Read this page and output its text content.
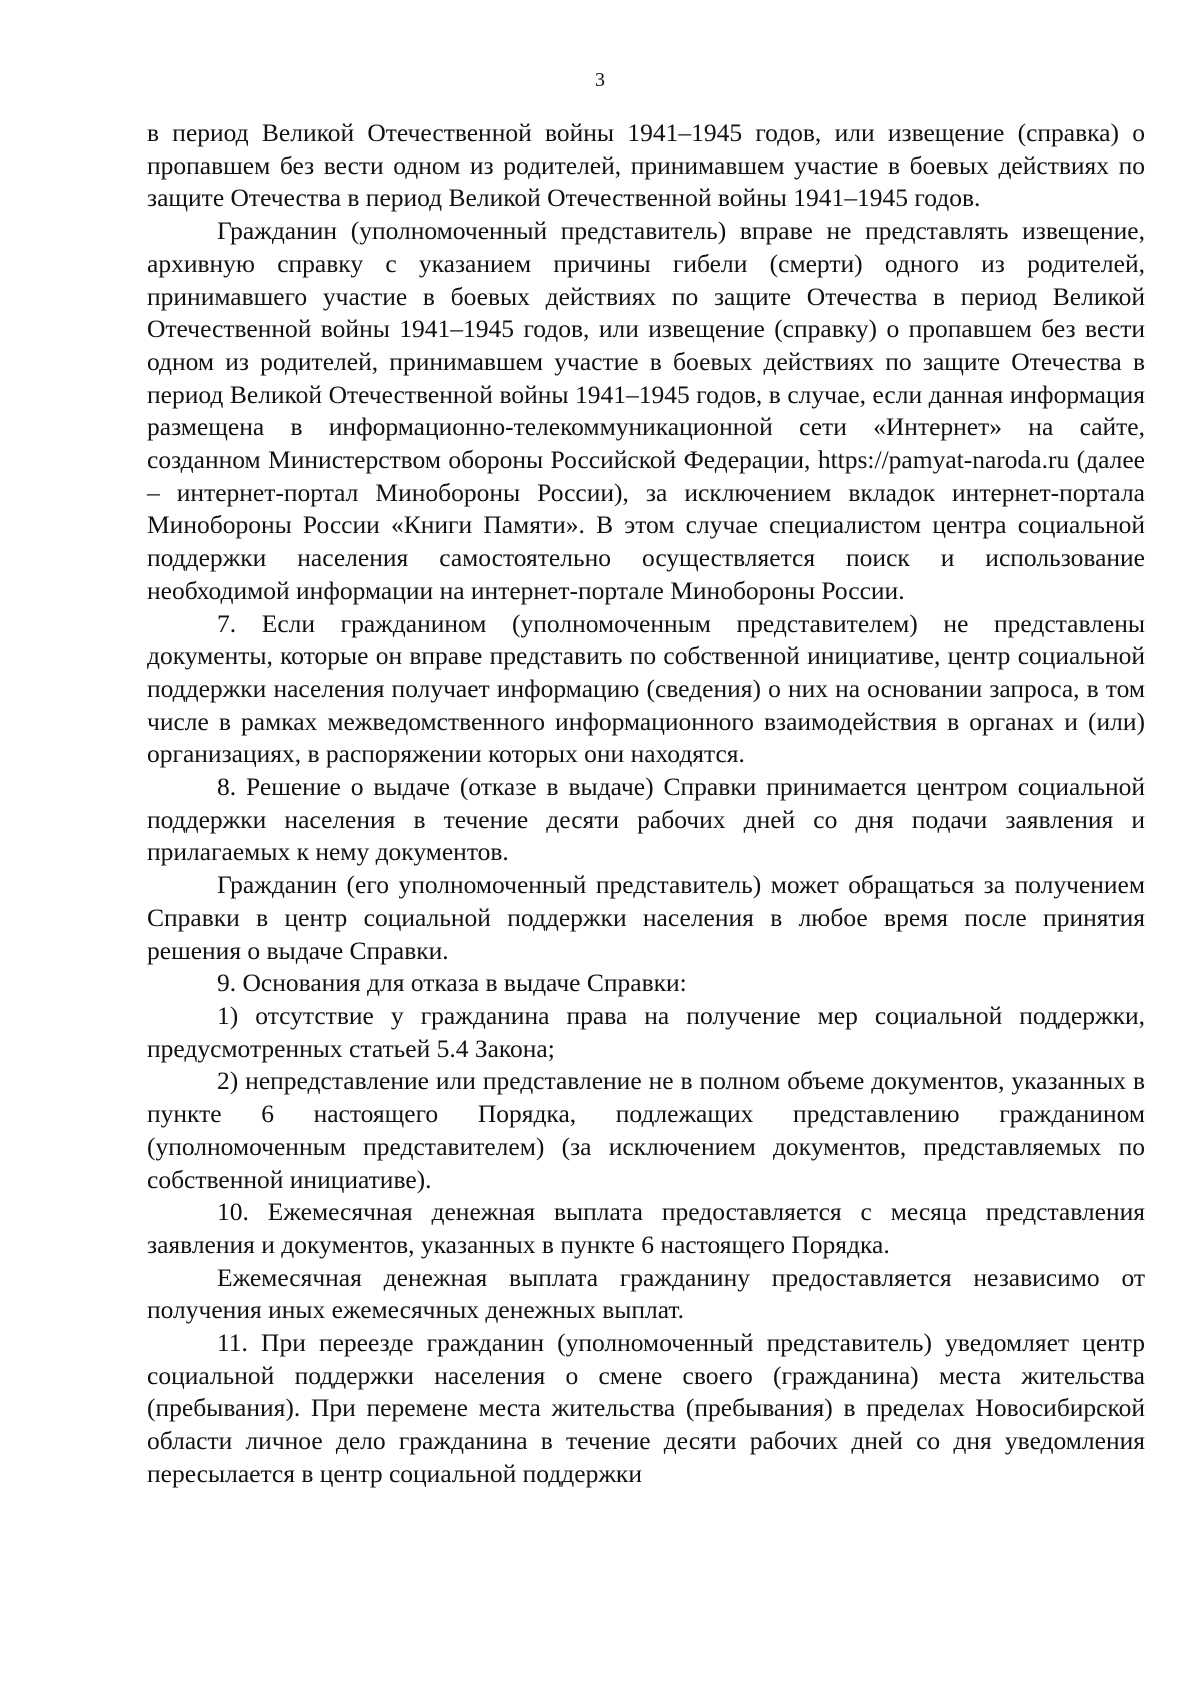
3

в период Великой Отечественной войны 1941–1945 годов, или извещение (справка) о пропавшем без вести одном из родителей, принимавшем участие в боевых действиях по защите Отечества в период Великой Отечественной войны 1941–1945 годов.

Гражданин (уполномоченный представитель) вправе не представлять извещение, архивную справку с указанием причины гибели (смерти) одного из родителей, принимавшего участие в боевых действиях по защите Отечества в период Великой Отечественной войны 1941–1945 годов, или извещение (справку) о пропавшем без вести одном из родителей, принимавшем участие в боевых действиях по защите Отечества в период Великой Отечественной войны 1941–1945 годов, в случае, если данная информация размещена в информационно-телекоммуникационной сети «Интернет» на сайте, созданном Министерством обороны Российской Федерации, https://pamyat-naroda.ru (далее – интернет-портал Минобороны России), за исключением вкладок интернет-портала Минобороны России «Книги Памяти». В этом случае специалистом центра социальной поддержки населения самостоятельно осуществляется поиск и использование необходимой информации на интернет-портале Минобороны России.

7. Если гражданином (уполномоченным представителем) не представлены документы, которые он вправе представить по собственной инициативе, центр социальной поддержки населения получает информацию (сведения) о них на основании запроса, в том числе в рамках межведомственного информационного взаимодействия в органах и (или) организациях, в распоряжении которых они находятся.

8. Решение о выдаче (отказе в выдаче) Справки принимается центром социальной поддержки населения в течение десяти рабочих дней со дня подачи заявления и прилагаемых к нему документов.

Гражданин (его уполномоченный представитель) может обращаться за получением Справки в центр социальной поддержки населения в любое время после принятия решения о выдаче Справки.

9. Основания для отказа в выдаче Справки:

1) отсутствие у гражданина права на получение мер социальной поддержки, предусмотренных статьей 5.4 Закона;

2) непредставление или представление не в полном объеме документов, указанных в пункте 6 настоящего Порядка, подлежащих представлению гражданином (уполномоченным представителем) (за исключением документов, представляемых по собственной инициативе).

10. Ежемесячная денежная выплата предоставляется с месяца представления заявления и документов, указанных в пункте 6 настоящего Порядка.

Ежемесячная денежная выплата гражданину предоставляется независимо от получения иных ежемесячных денежных выплат.

11. При переезде гражданин (уполномоченный представитель) уведомляет центр социальной поддержки населения о смене своего (гражданина) места жительства (пребывания). При перемене места жительства (пребывания) в пределах Новосибирской области личное дело гражданина в течение десяти рабочих дней со дня уведомления пересылается в центр социальной поддержки
